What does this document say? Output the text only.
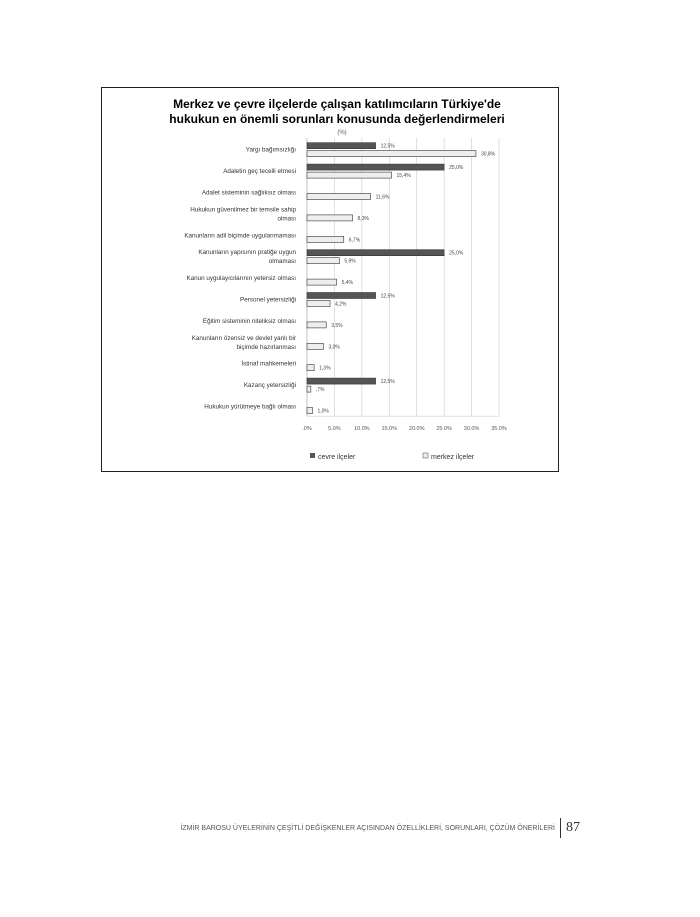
Merkez ve çevre ilçelerde çalışan katılımcıların Türkiye'de
hukukun en önemli sorunları konusunda değerlendirmeleri
(%)
12,5%
30,8%
25,0%
15,4%
11,6%
8,3%
6,7%
25,0%
5,9%
5,4%
12,5%
4,2%
3,5%
3,0%
1,3%
12,5%
,7%
1,0%
Yargı bağımsızlığı
Adaletin geç tecelli etmesi
Adalet sisteminin sağlıksız olması
Hukukun güvenilmez bir temsile sahip
olması
Kanunların adil biçimde uygulanmaması
Kanunların yapısının pratiğe uygun
olmaması
Kanun uygulayıcılarının yetersiz olması
Personel yetersizliği
Eğitim sisteminin niteliksiz olması
Kanunların özensiz ve devlet yanlı bir
biçimde hazırlanması
İstinaf mahkemeleri
Kazanç yetersizliği
Hukukun yürütmeye bağlı olması
.0%	5.0% 10.0% 15.0% 20.0% 25.0% 30.0% 35.0%
cevre ilçeler	merkez ilçeler
İZMİR BAROSU ÜYELERİNİN ÇEŞİTLİ DEĞİŞKENLER AÇISINDAN ÖZELLİKLERİ, SORUNLARI, ÇÖZÜM ÖNERİLERİ 87
